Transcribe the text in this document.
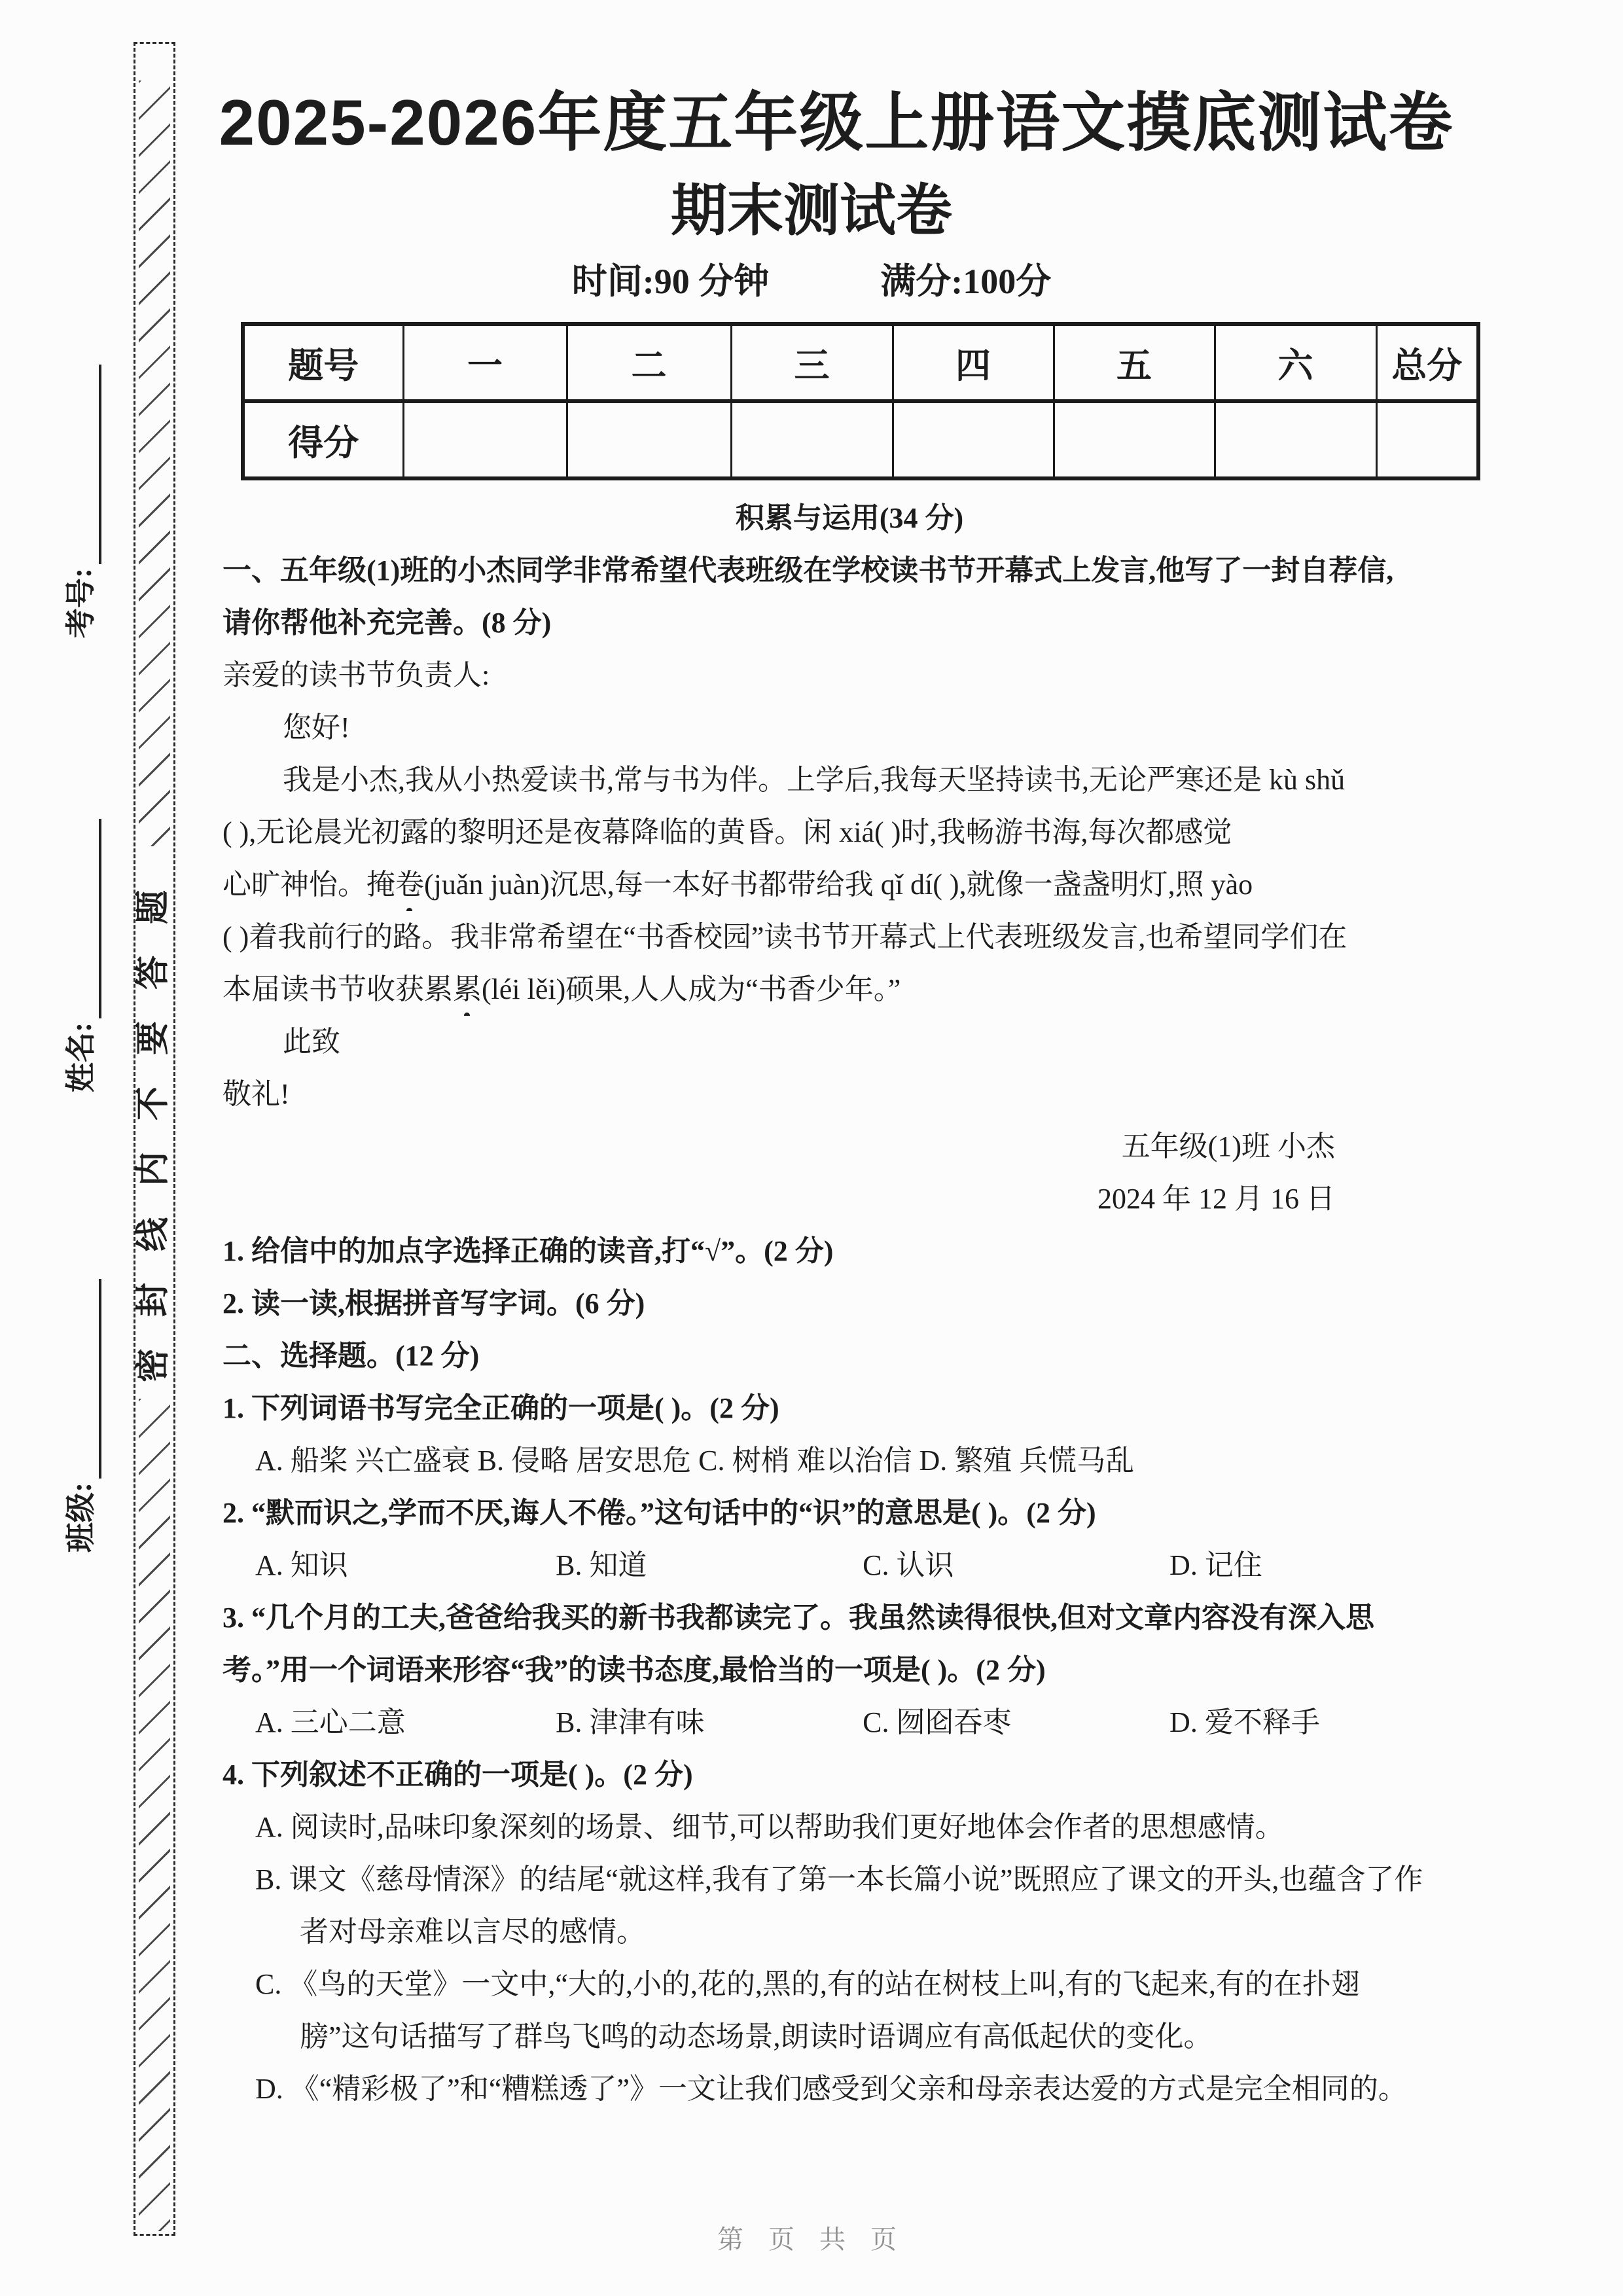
密封线内不要答题
考号:
姓名:
班级:
2025-2026年度五年级上册语文摸底测试卷
期末测试卷
时间:90 分钟	满分:100分
题号	一	二	三	四	五	六	总分
得分							
积累与运用(34 分)
一、五年级(1)班的小杰同学非常希望代表班级在学校读书节开幕式上发言,他写了一封自荐信,
请你帮他补充完善。(8 分)
亲爱的读书节负责人:
您好!
我是小杰,我从小热爱读书,常与书为伴。上学后,我每天坚持读书,无论严寒还是 kù shǔ
( ),无论晨光初露的黎明还是夜幕降临的黄昏。闲 xiá( )时,我畅游书海,每次都感觉
心旷神怡。掩卷(juǎn juàn)沉思,每一本好书都带给我 qǐ dí( ),就像一盏盏明灯,照 yào
( )着我前行的路。我非常希望在“书香校园”读书节开幕式上代表班级发言,也希望同学们在
本届读书节收获累累(léi lěi)硕果,人人成为“书香少年。”
此致
敬礼!
五年级(1)班 小杰
2024 年 12 月 16 日
1. 给信中的加点字选择正确的读音,打“√”。(2 分)
2. 读一读,根据拼音写字词。(6 分)
二、选择题。(12 分)
1. 下列词语书写完全正确的一项是( )。(2 分)
A. 船桨 兴亡盛衰 B. 侵略 居安思危 C. 树梢 难以治信 D. 繁殖 兵慌马乱
2. “默而识之,学而不厌,诲人不倦。”这句话中的“识”的意思是( )。(2 分)
A. 知识	B. 知道	C. 认识	D. 记住
3. “几个月的工夫,爸爸给我买的新书我都读完了。我虽然读得很快,但对文章内容没有深入思
考。”用一个词语来形容“我”的读书态度,最恰当的一项是( )。(2 分)
A. 三心二意	B. 津津有味	C. 囫囵吞枣	D. 爱不释手
4. 下列叙述不正确的一项是( )。(2 分)
A. 阅读时,品味印象深刻的场景、细节,可以帮助我们更好地体会作者的思想感情。
B. 课文《慈母情深》的结尾“就这样,我有了第一本长篇小说”既照应了课文的开头,也蕴含了作
者对母亲难以言尽的感情。
C. 《鸟的天堂》一文中,“大的,小的,花的,黑的,有的站在树枝上叫,有的飞起来,有的在扑翅
膀”这句话描写了群鸟飞鸣的动态场景,朗读时语调应有高低起伏的变化。
D. 《“精彩极了”和“糟糕透了”》一文让我们感受到父亲和母亲表达爱的方式是完全相同的。
第 页 共 页
